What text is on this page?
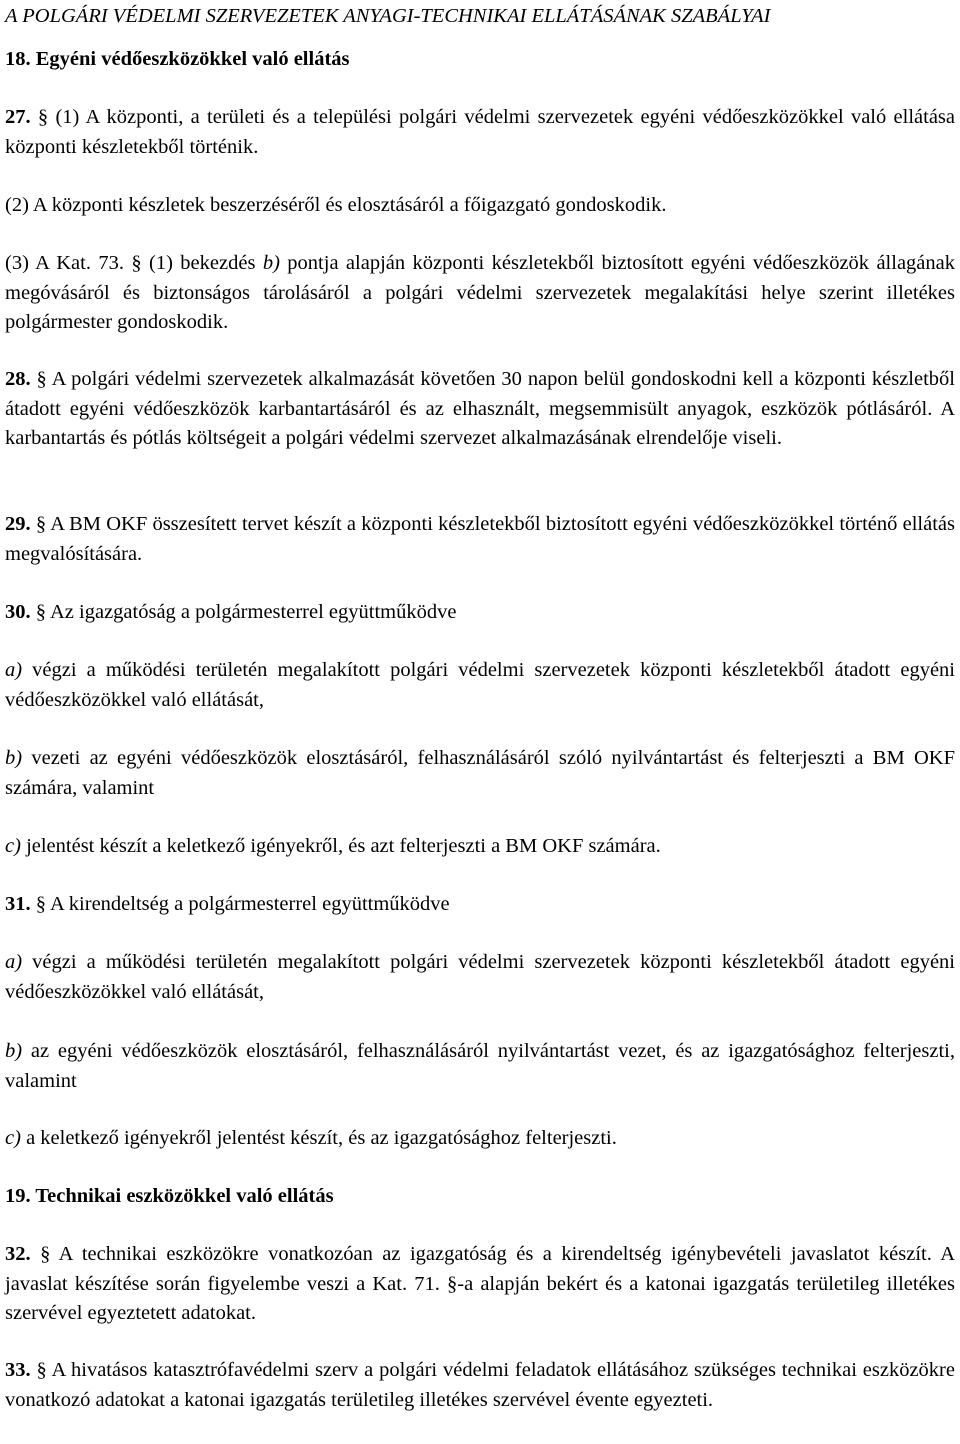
A POLGÁRI VÉDELMI SZERVEZETEK ANYAGI-TECHNIKAI ELLÁTÁSÁNAK SZABÁLYAI
18. Egyéni védőeszközökkel való ellátás
27. § (1) A központi, a területi és a települési polgári védelmi szervezetek egyéni védőeszközökkel való ellátása központi készletekből történik.
(2) A központi készletek beszerzéséről és elosztásáról a főigazgató gondoskodik.
(3) A Kat. 73. § (1) bekezdés b) pontja alapján központi készletekből biztosított egyéni védőeszközök állagának megóvásáról és biztonságos tárolásáról a polgári védelmi szervezetek megalakítási helye szerint illetékes polgármester gondoskodik.
28. § A polgári védelmi szervezetek alkalmazását követően 30 napon belül gondoskodni kell a központi készletből átadott egyéni védőeszközök karbantartásáról és az elhasznált, megsemmisült anyagok, eszközök pótlásáról. A karbantartás és pótlás költségeit a polgári védelmi szervezet alkalmazásának elrendelője viseli.
29. § A BM OKF összesített tervet készít a központi készletekből biztosított egyéni védőeszközökkel történő ellátás megvalósítására.
30. § Az igazgatóság a polgármesterrel együttműködve
a) végzi a működési területén megalakított polgári védelmi szervezetek központi készletekből átadott egyéni védőeszközökkel való ellátását,
b) vezeti az egyéni védőeszközök elosztásáról, felhasználásáról szóló nyilvántartást és felterjeszti a BM OKF számára, valamint
c) jelentést készít a keletkező igényekről, és azt felterjeszti a BM OKF számára.
31. § A kirendeltség a polgármesterrel együttműködve
a) végzi a működési területén megalakított polgári védelmi szervezetek központi készletekből átadott egyéni védőeszközökkel való ellátását,
b) az egyéni védőeszközök elosztásáról, felhasználásáról nyilvántartást vezet, és az igazgatósághoz felterjeszti, valamint
c) a keletkező igényekről jelentést készít, és az igazgatósághoz felterjeszti.
19. Technikai eszközökkel való ellátás
32. § A technikai eszközökre vonatkozóan az igazgatóság és a kirendeltség igénybevételi javaslatot készít. A javaslat készítése során figyelembe veszi a Kat. 71. §-a alapján bekért és a katonai igazgatás területileg illetékes szervével egyeztetett adatokat.
33. § A hivatásos katasztrófavédelmi szerv a polgári védelmi feladatok ellátásához szükséges technikai eszközökre vonatkozó adatokat a katonai igazgatás területileg illetékes szervével évente egyezteti.
